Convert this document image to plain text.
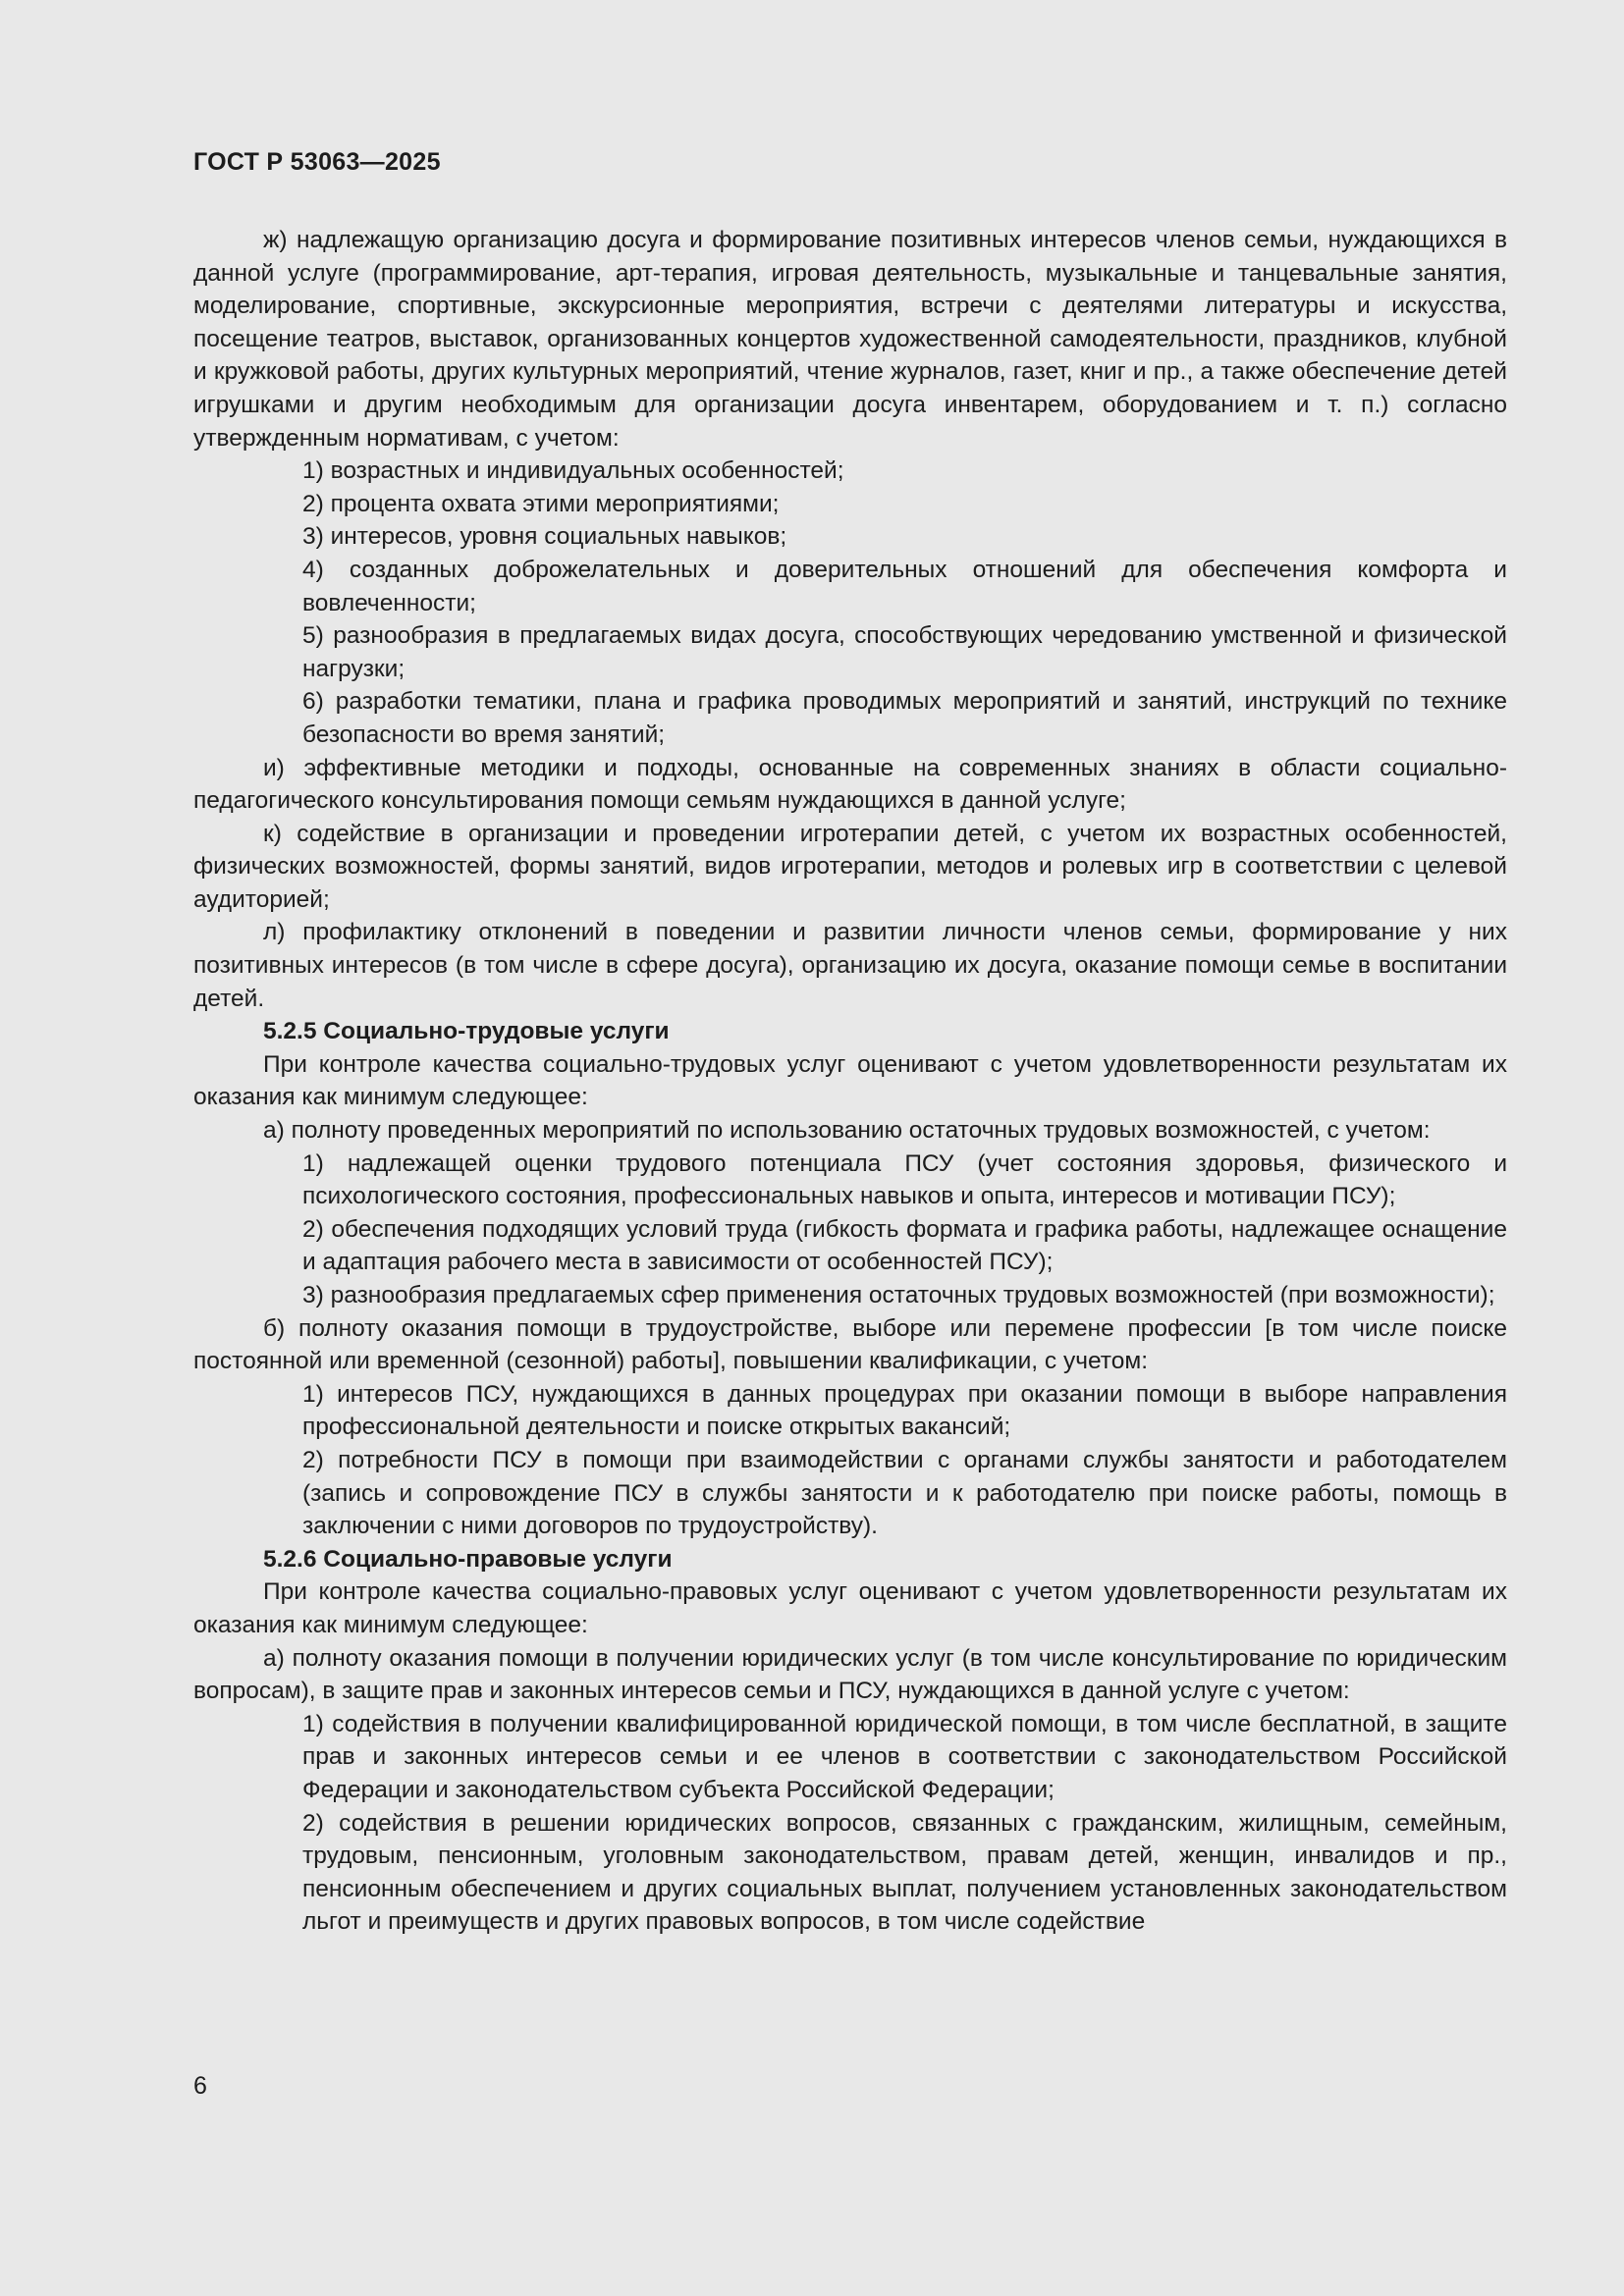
ГОСТ Р 53063—2025

ж) надлежащую организацию досуга и формирование позитивных интересов членов семьи, нуждающихся в данной услуге (программирование, арт-терапия, игровая деятельность, музыкальные и танцевальные занятия, моделирование, спортивные, экскурсионные мероприятия, встречи с деятелями литературы и искусства, посещение театров, выставок, организованных концертов художественной самодеятельности, праздников, клубной и кружковой работы, других культурных мероприятий, чтение журналов, газет, книг и пр., а также обеспечение детей игрушками и другим необходимым для организации досуга инвентарем, оборудованием и т. п.) согласно утвержденным нормативам, с учетом:

1) возрастных и индивидуальных особенностей;

2) процента охвата этими мероприятиями;

3) интересов, уровня социальных навыков;

4) созданных доброжелательных и доверительных отношений для обеспечения комфорта и вовлеченности;

5) разнообразия в предлагаемых видах досуга, способствующих чередованию умственной и физической нагрузки;

6) разработки тематики, плана и графика проводимых мероприятий и занятий, инструкций по технике безопасности во время занятий;

и) эффективные методики и подходы, основанные на современных знаниях в области социально-педагогического консультирования помощи семьям нуждающихся в данной услуге;

к) содействие в организации и проведении игротерапии детей, с учетом их возрастных особенностей, физических возможностей, формы занятий, видов игротерапии, методов и ролевых игр в соответствии с целевой аудиторией;

л) профилактику отклонений в поведении и развитии личности членов семьи, формирование у них позитивных интересов (в том числе в сфере досуга), организацию их досуга, оказание помощи семье в воспитании детей.

5.2.5 Социально-трудовые услуги

При контроле качества социально-трудовых услуг оценивают с учетом удовлетворенности результатам их оказания как минимум следующее:

а) полноту проведенных мероприятий по использованию остаточных трудовых возможностей, с учетом:

1) надлежащей оценки трудового потенциала ПСУ (учет состояния здоровья, физического и психологического состояния, профессиональных навыков и опыта, интересов и мотивации ПСУ);

2) обеспечения подходящих условий труда (гибкость формата и графика работы, надлежащее оснащение и адаптация рабочего места в зависимости от особенностей ПСУ);

3) разнообразия предлагаемых сфер применения остаточных трудовых возможностей (при возможности);

б) полноту оказания помощи в трудоустройстве, выборе или перемене профессии [в том числе поиске постоянной или временной (сезонной) работы], повышении квалификации, с учетом:

1) интересов ПСУ, нуждающихся в данных процедурах при оказании помощи в выборе направления профессиональной деятельности и поиске открытых вакансий;

2) потребности ПСУ в помощи при взаимодействии с органами службы занятости и работодателем (запись и сопровождение ПСУ в службы занятости и к работодателю при поиске работы, помощь в заключении с ними договоров по трудоустройству).

5.2.6 Социально-правовые услуги

При контроле качества социально-правовых услуг оценивают с учетом удовлетворенности результатам их оказания как минимум следующее:

а) полноту оказания помощи в получении юридических услуг (в том числе консультирование по юридическим вопросам), в защите прав и законных интересов семьи и ПСУ, нуждающихся в данной услуге с учетом:

1) содействия в получении квалифицированной юридической помощи, в том числе бесплатной, в защите прав и законных интересов семьи и ее членов в соответствии с законодательством Российской Федерации и законодательством субъекта Российской Федерации;

2) содействия в решении юридических вопросов, связанных с гражданским, жилищным, семейным, трудовым, пенсионным, уголовным законодательством, правам детей, женщин, инвалидов и пр., пенсионным обеспечением и других социальных выплат, получением установленных законодательством льгот и преимуществ и других правовых вопросов, в том числе содействие

6
